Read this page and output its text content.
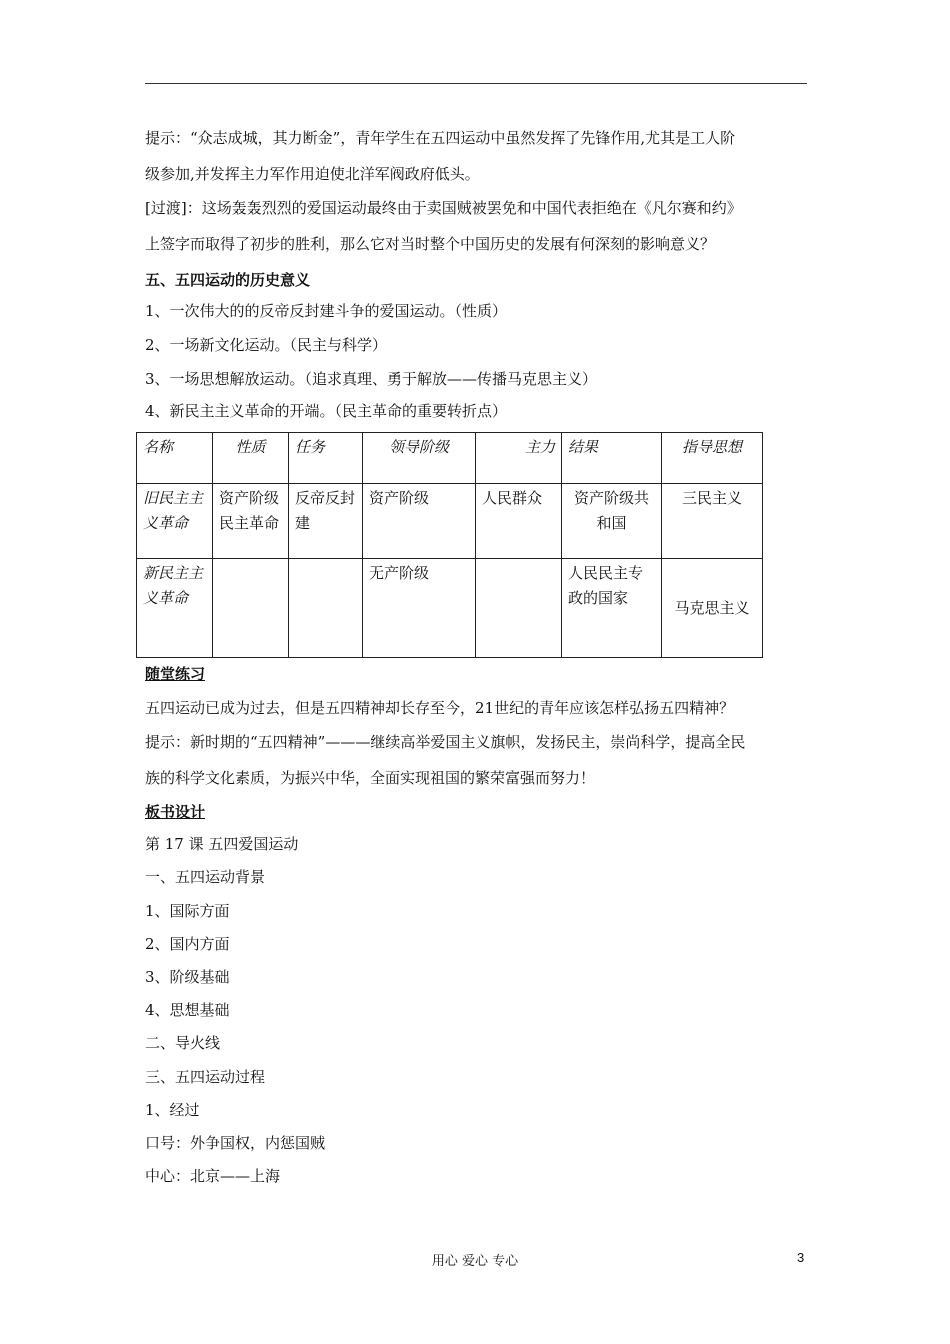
提示：“众志成城，其力断金”，青年学生在五四运动中虽然发挥了先锋作用,尤其是工人阶
级参加,并发挥主力军作用迫使北洋军阀政府低头。
[过渡]：这场轰轰烈烈的爱国运动最终由于卖国贼被罢免和中国代表拒绝在《凡尔赛和约》
上签字而取得了初步的胜利，那么它对当时整个中国历史的发展有何深刻的影响意义？
五、五四运动的历史意义
1、一次伟大的的反帝反封建斗争的爱国运动。（性质）
2、一场新文化运动。（民主与科学）
3、一场思想解放运动。（追求真理、勇于解放——传播马克思主义）
4、新民主主义革命的开端。（民主革命的重要转折点）
名称	性质	任务	领导阶级	主力	结果	指导思想
旧民主主义革命	资产阶级民主革命	反帝反封建	资产阶级	人民群众	资产阶级共和国	三民主义
新民主主义革命			无产阶级		人民民主专政的国家	马克思主义
随堂练习
五四运动已成为过去，但是五四精神却长存至今，21世纪的青年应该怎样弘扬五四精神？
提示：新时期的“五四精神”———继续高举爱国主义旗帜，发扬民主，崇尚科学，提高全民
族的科学文化素质，为振兴中华，全面实现祖国的繁荣富强而努力！
板书设计
第 17 课 五四爱国运动
一、五四运动背景
1、国际方面
2、国内方面
3、阶级基础
4、思想基础
二、导火线
三、五四运动过程
1、经过
口号：外争国权，内惩国贼
中心：北京——上海
用心 爱心 专心	3
